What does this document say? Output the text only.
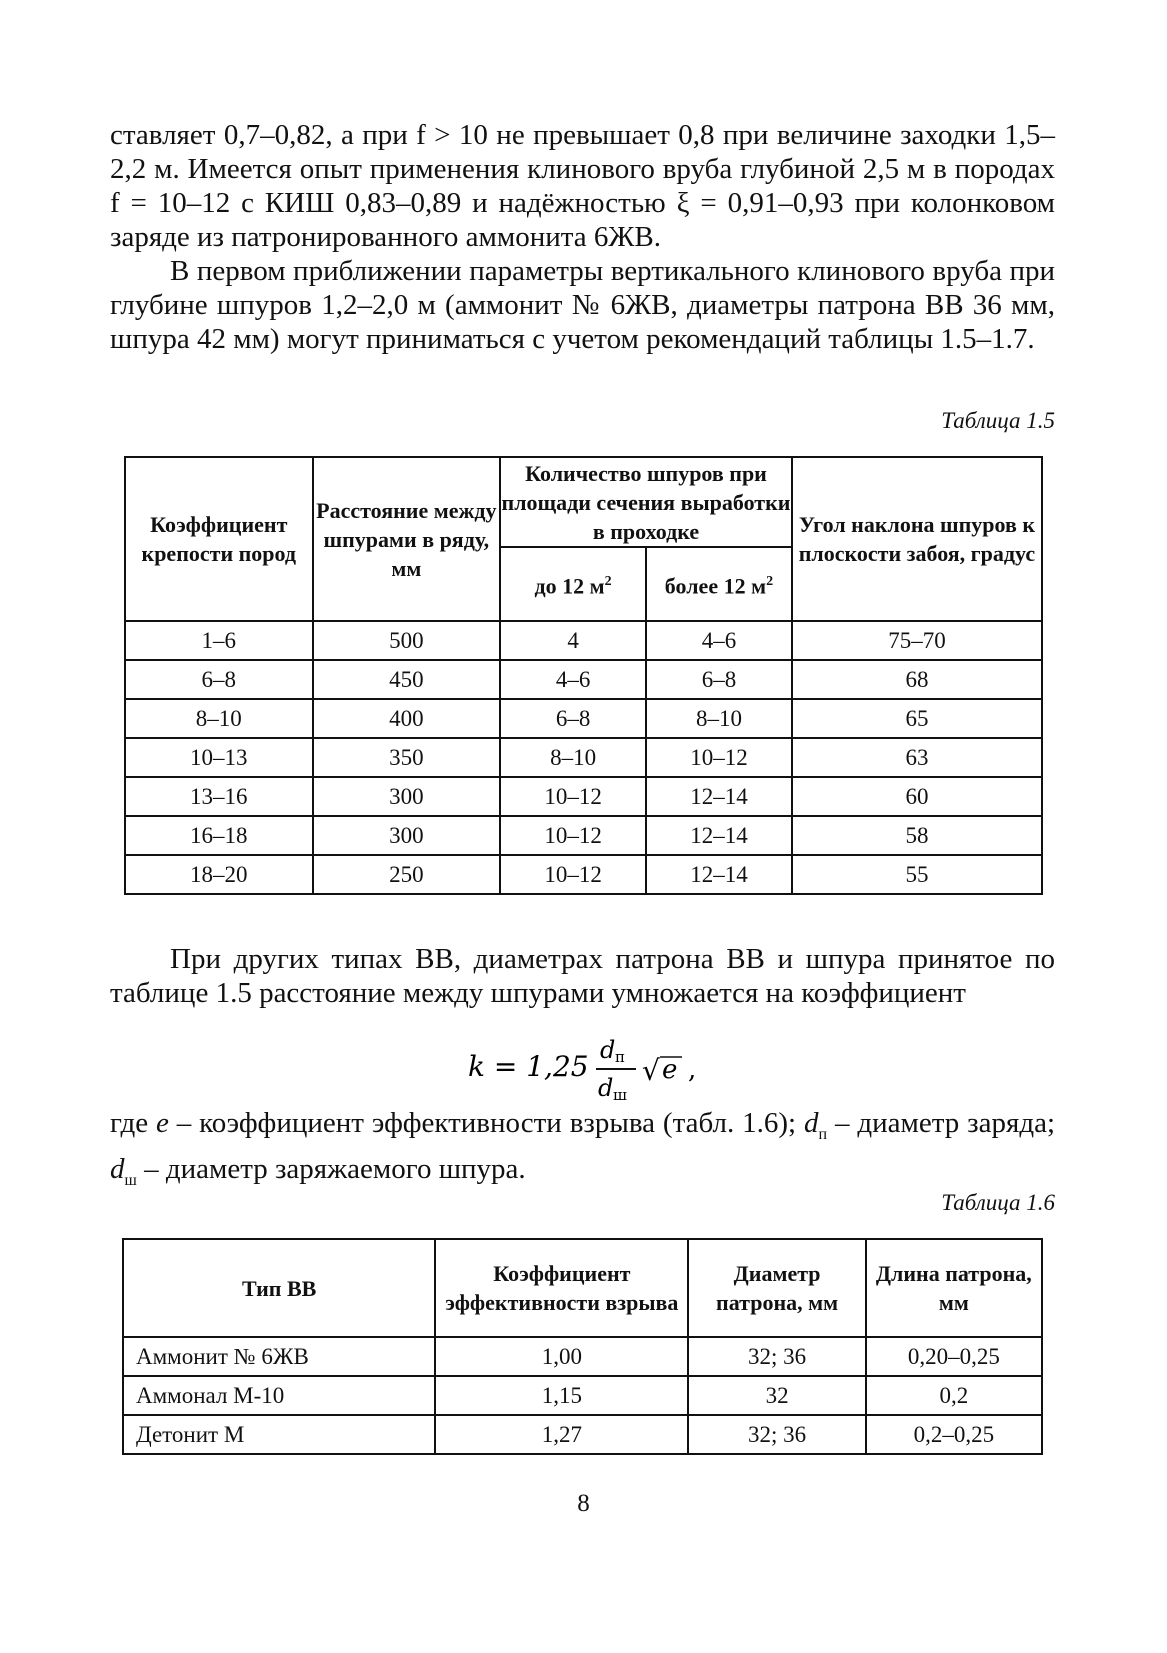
ставляет 0,7–0,82, а при f > 10 не превышает 0,8 при величине заходки 1,5–2,2 м. Имеется опыт применения клинового вруба глубиной 2,5 м в породах f = 10–12 с КИШ 0,83–0,89 и надёжностью ξ = 0,91–0,93 при колонковом заряде из патронированного аммонита 6ЖВ.

В первом приближении параметры вертикального клинового вруба при глубине шпуров 1,2–2,0 м (аммонит № 6ЖВ, диаметры патрона ВВ 36 мм, шпура 42 мм) могут приниматься с учетом рекомендаций таблицы 1.5–1.7.

Таблица 1.5
Коэффициент крепости пород	Расстояние между шпурами в ряду, мм	Количество шпуров при площади сечения выработки в проходке		Угол наклона шпуров к плоскости забоя, градус
		до 12 $м^2$	более 12 $м^2$
1–6	500	4	4–6	75–70
6–8	450	4–6	6–8	68
8–10	400	6–8	8–10	65
10–13	350	8–10	10–12	63
13–16	300	10–12	12–14	60
16–18	300	10–12	12–14	58
18–20	250	10–12	12–14	55
При других типах ВВ, диаметрах патрона ВВ и шпура принятое по таблице 1.5 расстояние между шпурами умножается на коэффициент
k = 1,25 d п
d ш
√ e ,
где e – коэффициент эффективности взрыва (табл. 1.6); $d_п$ – диаметр заряда; $d_ш$ – диаметр заряжаемого шпура.
Таблица 1.6
Тип ВВ	Коэффициент эффективности взрыва	Диаметр патрона, мм	Длина патрона, мм
Аммонит № 6ЖВ	1,00	32; 36	0,20–0,25
Аммонал М-10	1,15	32	0,2
Детонит М	1,27	32; 36	0,2–0,25
8
